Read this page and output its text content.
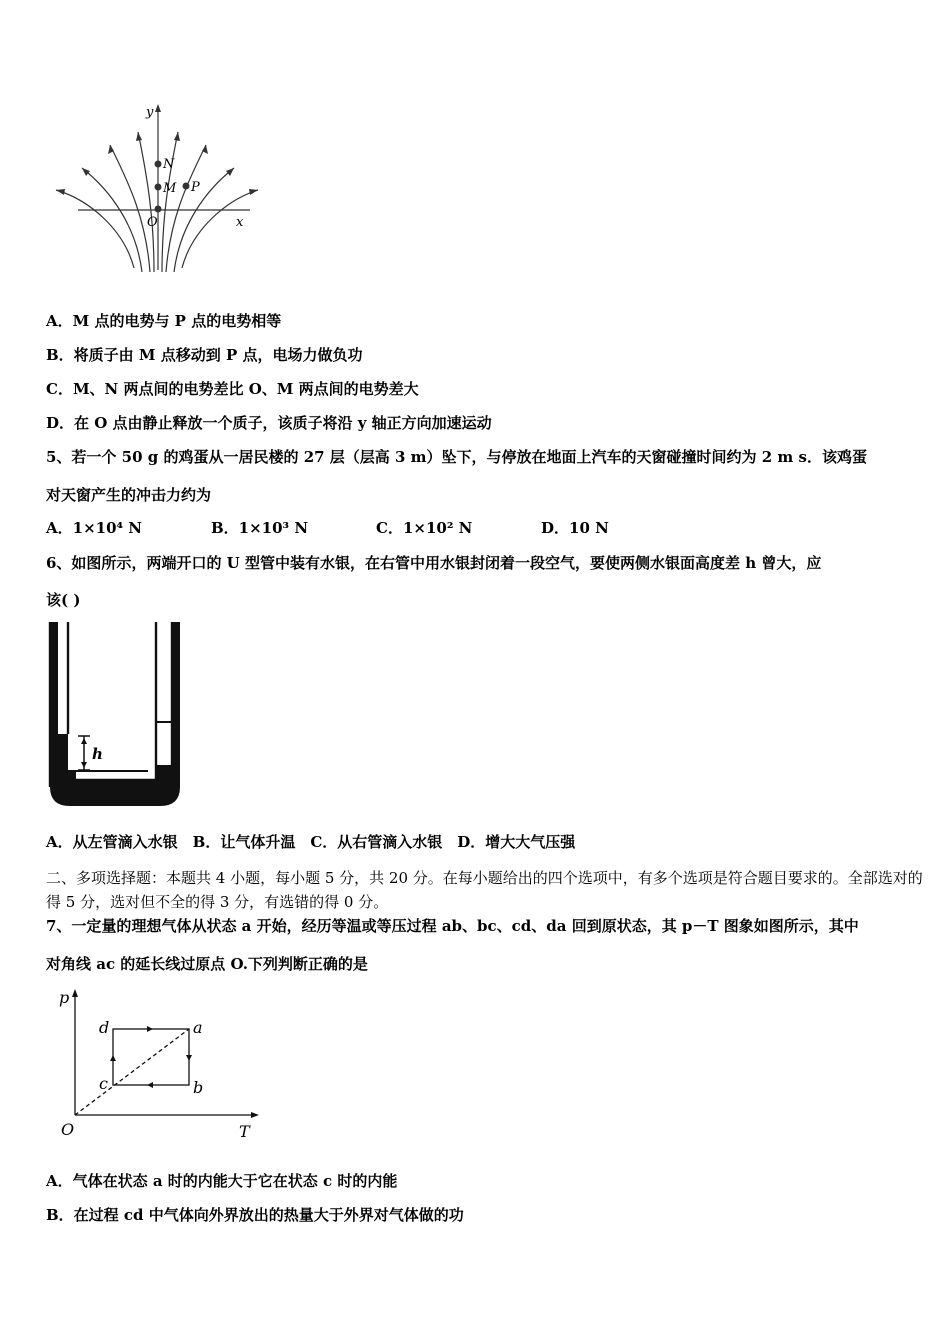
y
x
O
N
M P
A．M 点的电势与 P 点的电势相等
B．将质子由 M 点移动到 P 点，电场力做负功
C．M、N 两点间的电势差比 O、M 两点间的电势差大
D．在 O 点由静止释放一个质子，该质子将沿 y 轴正方向加速运动
5、若一个 50 g 的鸡蛋从一居民楼的 27 层（层高 3 m）坠下，与停放在地面上汽车的天窗碰撞时间约为 2 m s．该鸡蛋
对天窗产生的冲击力约为
A．1×10⁴ N	B．1×10³ N	C．1×10² N	D．10 N
6、如图所示，两端开口的 U 型管中装有水银，在右管中用水银封闭着一段空气，要使两侧水银面高度差 h 曾大，应
该( )
h
A．从左管滴入水银　B．让气体升温　C．从右管滴入水银　D．增大大气压强
二、多项选择题：本题共 4 小题，每小题 5 分，共 20 分。在每小题给出的四个选项中，有多个选项是符合题目要求的。全部选对的得 5 分，选对但不全的得 3 分，有选错的得 0 分。
7、一定量的理想气体从状态 a 开始，经历等温或等压过程 ab、bc、cd、da 回到原状态，其 p－T 图象如图所示，其中
对角线 ac 的延长线过原点 O.下列判断正确的是
p
T
O
a
b
c
d
A．气体在状态 a 时的内能大于它在状态 c 时的内能
B．在过程 cd 中气体向外界放出的热量大于外界对气体做的功
